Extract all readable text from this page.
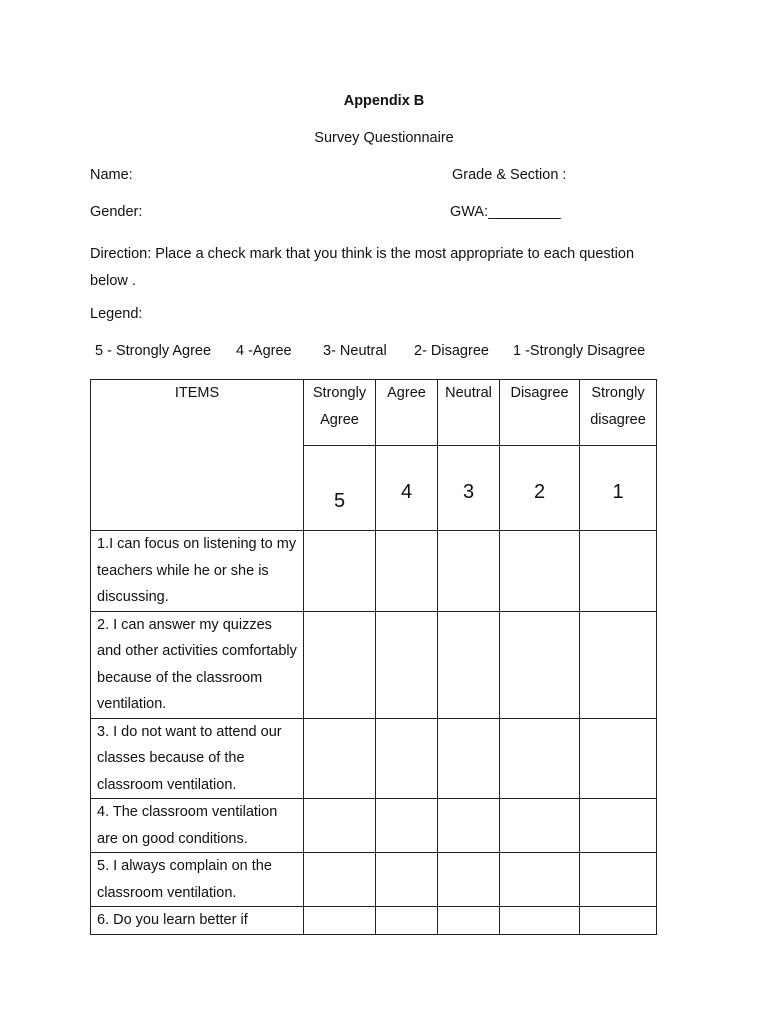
Appendix B
Survey Questionnaire
Name:	Grade & Section :
Gender:	GWA:_________
Direction: Place a check mark that you think is the most appropriate to each question below .
Legend:
5 - Strongly Agree 4 -Agree 3- Neutral 2- Disagree 1 -Strongly Disagree
ITEMS	Strongly Agree	Agree	Neutral	Disagree	Strongly disagree
	5	4	3	2	1
1.I can focus on listening to my teachers while he or she is discussing.					
2. I can answer my quizzes and other activities comfortably because of the classroom ventilation.					
3. I do not want to attend our classes because of the classroom ventilation.					
4. The classroom ventilation are on good conditions.					
5. I always complain on the classroom ventilation.					
6. Do you learn better if					
